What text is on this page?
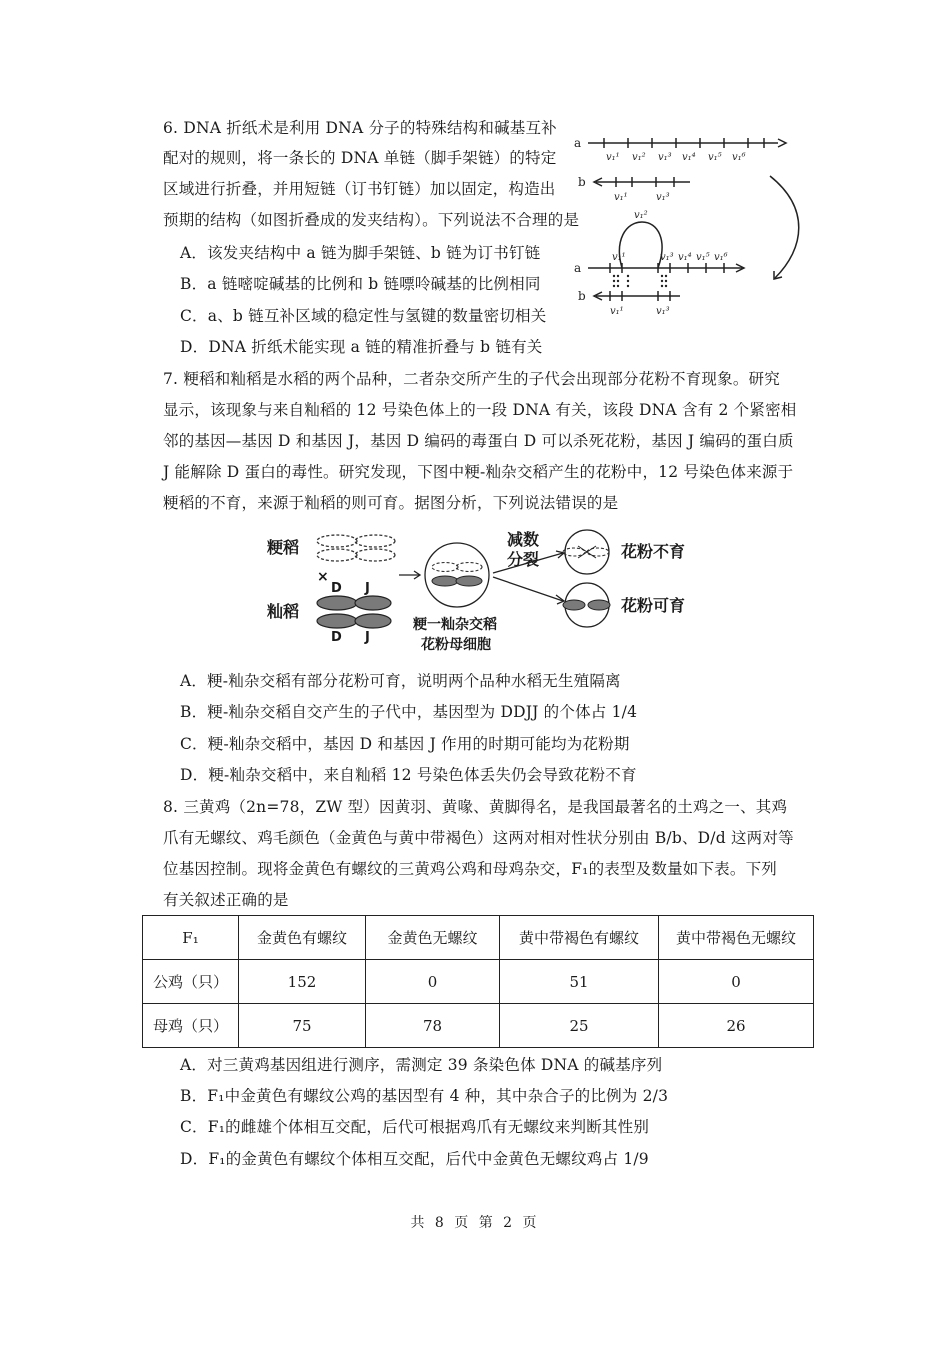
6. DNA 折纸术是利用 DNA 分子的特殊结构和碱基互补
配对的规则，将一条长的 DNA 单链（脚手架链）的特定
区域进行折叠，并用短链（订书钉链）加以固定，构造出
预期的结构（如图折叠成的发夹结构）。下列说法不合理的是
A．该发夹结构中 a 链为脚手架链、b 链为订书钉链
B．a 链嘧啶碱基的比例和 b 链嘌呤碱基的比例相同
C．a、b 链互补区域的稳定性与氢键的数量密切相关
D．DNA 折纸术能实现 a 链的精准折叠与 b 链有关
a
v₁¹ v₁² v₁³ v₁⁴ v₁⁵ v₁⁶
b
v₁¹	v₁³
v₁²
a
v₁¹	v₁³ v₁⁴ v₁⁵ v₁⁶
b
v₁¹	v₁³
7. 粳稻和籼稻是水稻的两个品种，二者杂交所产生的子代会出现部分花粉不育现象。研究
显示，该现象与来自籼稻的 12 号染色体上的一段 DNA 有关，该段 DNA 含有 2 个紧密相
邻的基因—基因 D 和基因 J，基因 D 编码的毒蛋白 D 可以杀死花粉，基因 J 编码的蛋白质
J 能解除 D 蛋白的毒性。研究发现，下图中粳-籼杂交稻产生的花粉中，12 号染色体来源于
粳稻的不育，来源于籼稻的则可育。据图分析，下列说法错误的是
粳稻
籼稻
×
D J
D J
减数
分裂
粳一籼杂交稻
花粉母细胞
花粉不育
花粉可育
A．粳-籼杂交稻有部分花粉可育，说明两个品种水稻无生殖隔离
B．粳-籼杂交稻自交产生的子代中，基因型为 DDJJ 的个体占 1/4
C．粳-籼杂交稻中，基因 D 和基因 J 作用的时期可能均为花粉期
D．粳-籼杂交稻中，来自籼稻 12 号染色体丢失仍会导致花粉不育
8. 三黄鸡（2n=78，ZW 型）因黄羽、黄喙、黄脚得名，是我国最著名的土鸡之一、其鸡
爪有无螺纹、鸡毛颜色（金黄色与黄中带褐色）这两对相对性状分别由 B/b、D/d 这两对等
位基因控制。现将金黄色有螺纹的三黄鸡公鸡和母鸡杂交，F₁的表型及数量如下表。下列
有关叙述正确的是
F₁	金黄色有螺纹	金黄色无螺纹	黄中带褐色有螺纹	黄中带褐色无螺纹
公鸡（只）	152	0	51	0
母鸡（只）	75	78	25	26
A．对三黄鸡基因组进行测序，需测定 39 条染色体 DNA 的碱基序列
B．F₁中金黄色有螺纹公鸡的基因型有 4 种，其中杂合子的比例为 2/3
C．F₁的雌雄个体相互交配，后代可根据鸡爪有无螺纹来判断其性别
D．F₁的金黄色有螺纹个体相互交配，后代中金黄色无螺纹鸡占 1/9
共 8 页 第 2 页
